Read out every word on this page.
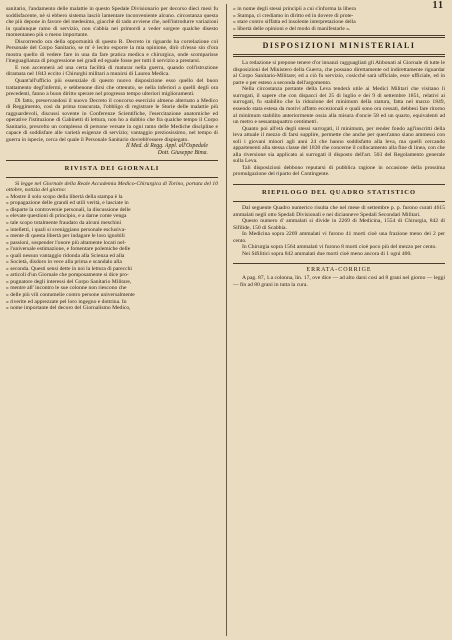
11

sanitario, l'andamento delle malattie in questo Spedale Divisionario per decorso dieci mesi fu soddisfacente, nè si ebbero sistema lasciò lamentare inconveniente alcuno. circostanza questa che più depone in favore del medesimo, giacchè di rado avviene che, nell'introdurre variazioni in qualunque ramo di servizio, non s'abbia nei primordi a veder sorgere qualche disesto momentaneo più o meno importante.

Discorrendo ora della opportunità di questo R. Decreto in riguardo ha correlazione col Personale del Corpo Sanitario, se m' è lecito esporre la mia opinione, dirò ch'esso sin d'ora mostra quello di vedere fare in una da fare pratica medica e chirurgica, onde scomparisse l'ineguaglianza di progressione nei gradi ed eguale fosse per tutti il servizio a prestarsi.

E non accennerà ad una certa facilità di maturar nella guerra, quando coll'istruzione diramata nel 1843 eccito i Chirurghi militari a munirsi di Laurea Medica.

Quant'all'ufficio più essenziale di questo nuovo disposizione esso quello del buon trattamento degl'infermi, e sebbenone dirsi che ottenuto, se nella inferiori a quelli degli ora precedenti, fanno a buon diritto sperare nel progresso tempo ulteriori miglioramenti.

Di fatto, preservandosi il nuovo Decreto il concorso esercizio almeno alternato a Medico di Reggimento, così da prima trascurata, l'obbligo di registrare le Storie delle malattie più ragguardevoli, discussi sovente in Conferenze Scientifiche, l'esercitazione anatomiche ed operative l'istituzione di Gabinetti di lettura, non ho a dubbio che fra qualche tempo il Corpo Sanitario, prescelto un complesso di persone versate in ogni ramo delle Mediche discipline e capace di soddisfare alle varietà esigenze di servizio; vantaggio preziosissimo, nel tempo di guerra in ispecie, cerca del quale il Personale Sanitario dovrebb'essere dispiegato.

Il Med. di Regg. Appl. all'Ospedale
Dott. Giuseppe Bima.
RIVISTA DEI GIORNALI

Si legge nel Giornale della Reale Accademia Medico-Chirurgica di Torino, portata del 10 ottobre, notizia del giorno:

« Mostre il solo scopo della libertà della stampa è la

» propagazione delle grandi ed utili verità, e lasciate in

» disparte la controversie personali, la discussione delle

» elevate questioni di principio, e a darne come venga

» tale scopo totalmente fraudato da alcuni meschini

» intelletti, i quali si sveniggiano personale esclusiva-

» mente di questa libertà per indagare le loro ignobili

» passioni, sospender l'onore più altamente locati nel-

» l'universale estimazione, e fomentare polemiche delle

» quali nessun vantaggio ridonda alla Scienza ed alla

» Società, disdoro in vece alla prima e scandalo alla

» seconda. Questi sensi dette in noi la lettura di parecchi

» articoli d'un Giornale che pomposamente si dice pro-

» pugnatore degli interessi del Corpo Sanitario Militare,

» mentre all' incontro le sue colonne non riescono che

» delle più vili contumelie contro persone universalmente

» riverite ed apprezzate pel loro ingegno e dottrina. In

» nome importante del decoro del Giornalismo Medico,

» in nome degli stessi principii a cui s'informa la libera

» Stampa, ci crediamo in diritto ed in dovere di prote-

» stare contro siffatta ed insolente interpretazione della

» libertà delle opinioni e del modo di manifestarle ».

DISPOSIZIONI MINISTERIALI

La redazione si prepone tenere d'or innanzi ragguagliati gli Abbonati al Giornale di tutte le disposizioni del Ministero della Guerra, che possano direttamente od indirettamente riguardar al Corpo Sanitario-Militare; ed a ciò fu servizio, cosicchè sarà ufficiale, esce ufficiale, ed in parte o per esteso a seconda dell'argomento.

Nella circostanza portante della Leva tenderà utile ai Medici Militari che visitano li surrogati, il sapere che con dispacci dei 25 di luglio e dei 9 di settembre 1851, relativi ai surrogati, fu stabilito che la riduzione del minimum della statura, fatta nel marzo 1849, essendo stata estesa da motivi affatto eccezionali e quali sono ora cessati, debbesi fare ritorno al minimum stabilito anteriormente ossia alla misura d'oncie 58 ed un quarto, equivalenti ad un metro e sessantaquattro centimetri.

Quanto poi all'età degli stessi surrogati, il minimum, per render fondo agl'inscritti della leva attuale il mezzo di farsi supplire, permette che anche per quest'anno siano ammessi con soli i giovani minori agli anni 24 che hanno soddisfatto alla leva, ma quelli cercando appartenenti alla stessa classe del 1830 che concerne il collocamento alla fine di linea, con che alla riversione sia applicato ai surrogati il disposto dell'art. 503 del Regolamento generale sulla Leva.

Tali disposizioni debbono reputarsi di pubblica ragione in occasione della prossima promulgazione del riparto del Contingente.

RIEPILOGO DEL QUADRO STATISTICO

Dal seguente Quadro numerico risulta che nel mese di settembre p. p. furono curati 4615 ammalati negli otto Spedali Divisionali e nei dicianneve Spedali Secondari Militari.

Questo numero d' ammalati si divide in 2269 di Medicina, 1554 di Chirurgia, 842 di Sifilide, 150 di Scabbia.

In Medicina sopra 2269 ammalati vi furono 41 morti cioè una frazione meno dei 2 per cento.

In Chirurgia sopra 1564 ammalati vi furono 8 morti cioè poco più del mezzo per cento.

Nei Sifilitici sopra 842 ammalati due morti cioè meno ancora di 1 ogni 400.

ERRATA-CORRIGE

A pag. 87, 1.a colonna, lin. 17, ove dice — ad alto darsi così ad 8 grani nel giorno — leggi — fin ad 80 grani in tutta la cura.
